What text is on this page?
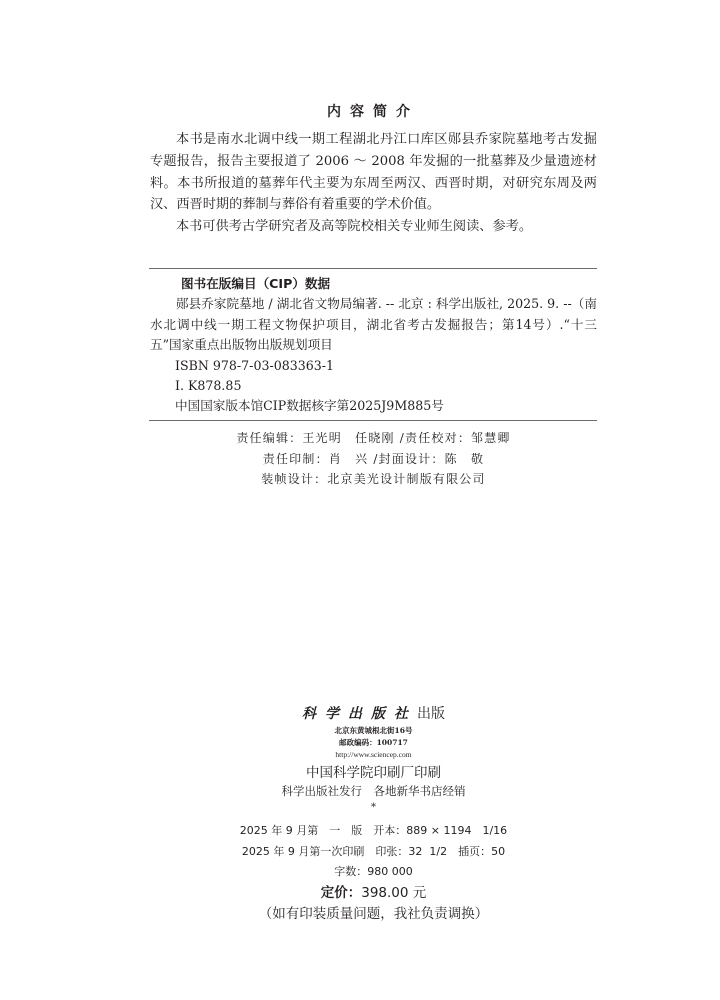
内容简介

本书是南水北调中线一期工程湖北丹江口库区郧县乔家院墓地考古发掘专题报告，报告主要报道了 2006 ～ 2008 年发掘的一批墓葬及少量遗迹材料。本书所报道的墓葬年代主要为东周至两汉、西晋时期，对研究东周及两汉、西晋时期的葬制与葬俗有着重要的学术价值。

本书可供考古学研究者及高等院校相关专业师生阅读、参考。

图书在版编目（CIP）数据
郧县乔家院墓地 / 湖北省文物局编著. -- 北京 : 科学出版社, 2025. 9. --（南水北调中线一期工程文物保护项目，湖北省考古发掘报告；第14号）.“十三五”国家重点出版物出版规划项目
ISBN 978-7-03-083363-1
Ⅰ. K878.85
中国国家版本馆CIP数据核字第2025J9M885号
责任编辑：王光明　任晓刚 /责任校对：邹慧卿
责任印制：肖　兴 /封面设计：陈　敬
装帧设计：北京美光设计制版有限公司
科学出版社出版
北京东黄城根北街16号
邮政编码：100717
http://www.sciencep.com
中国科学院印刷厂印刷
科学出版社发行　各地新华书店经销
*
2025 年 9 月第　一　版　开本：889 × 1194　1/16
2025 年 9 月第一次印刷　印张：32  1/2　插页：50
字数：980 000
定价：398.00 元
（如有印装质量问题，我社负责调换）
